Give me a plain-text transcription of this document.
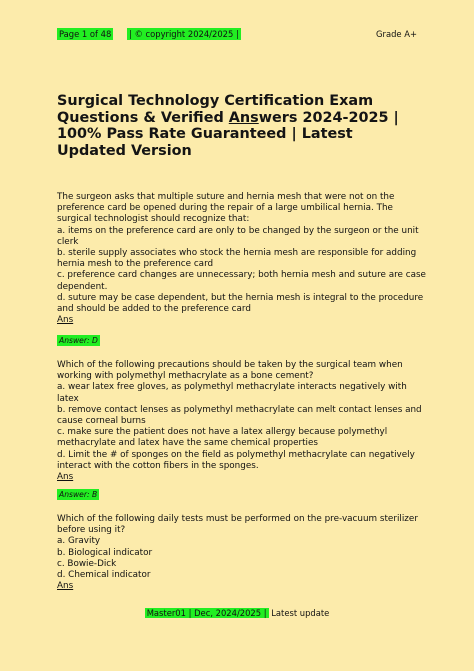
Page 1 of 48 | © copyright 2024/2025 |	Grade A+
Surgical Technology Certification Exam Questions & Verified Answers 2024-2025 | 100% Pass Rate Guaranteed | Latest Updated Version

The surgeon asks that multiple suture and hernia mesh that were not on the preference card be opened during the repair of a large umbilical hernia. The surgical technologist should recognize that:

a. items on the preference card are only to be changed by the surgeon or the unit clerk

b. sterile supply associates who stock the hernia mesh are responsible for adding hernia mesh to the preference card

c. preference card changes are unnecessary; both hernia mesh and suture are case dependent.

d. suture may be case dependent, but the hernia mesh is integral to the procedure and should be added to the preference card

Ans

Answer: D

Which of the following precautions should be taken by the surgical team when working with polymethyl methacrylate as a bone cement?

a. wear latex free gloves, as polymethyl methacrylate interacts negatively with latex

b. remove contact lenses as polymethyl methacrylate can melt contact lenses and cause corneal burns

c. make sure the patient does not have a latex allergy because polymethyl methacrylate and latex have the same chemical properties

d. Limit the # of sponges on the field as polymethyl methacrylate can negatively interact with the cotton fibers in the sponges.

Ans

Answer: B

Which of the following daily tests must be performed on the pre-vacuum sterilizer before using it?

a. Gravity

b. Biological indicator

c. Bowie-Dick

d. Chemical indicator

Ans

Master01 | Dec, 2024/2025 | Latest update
